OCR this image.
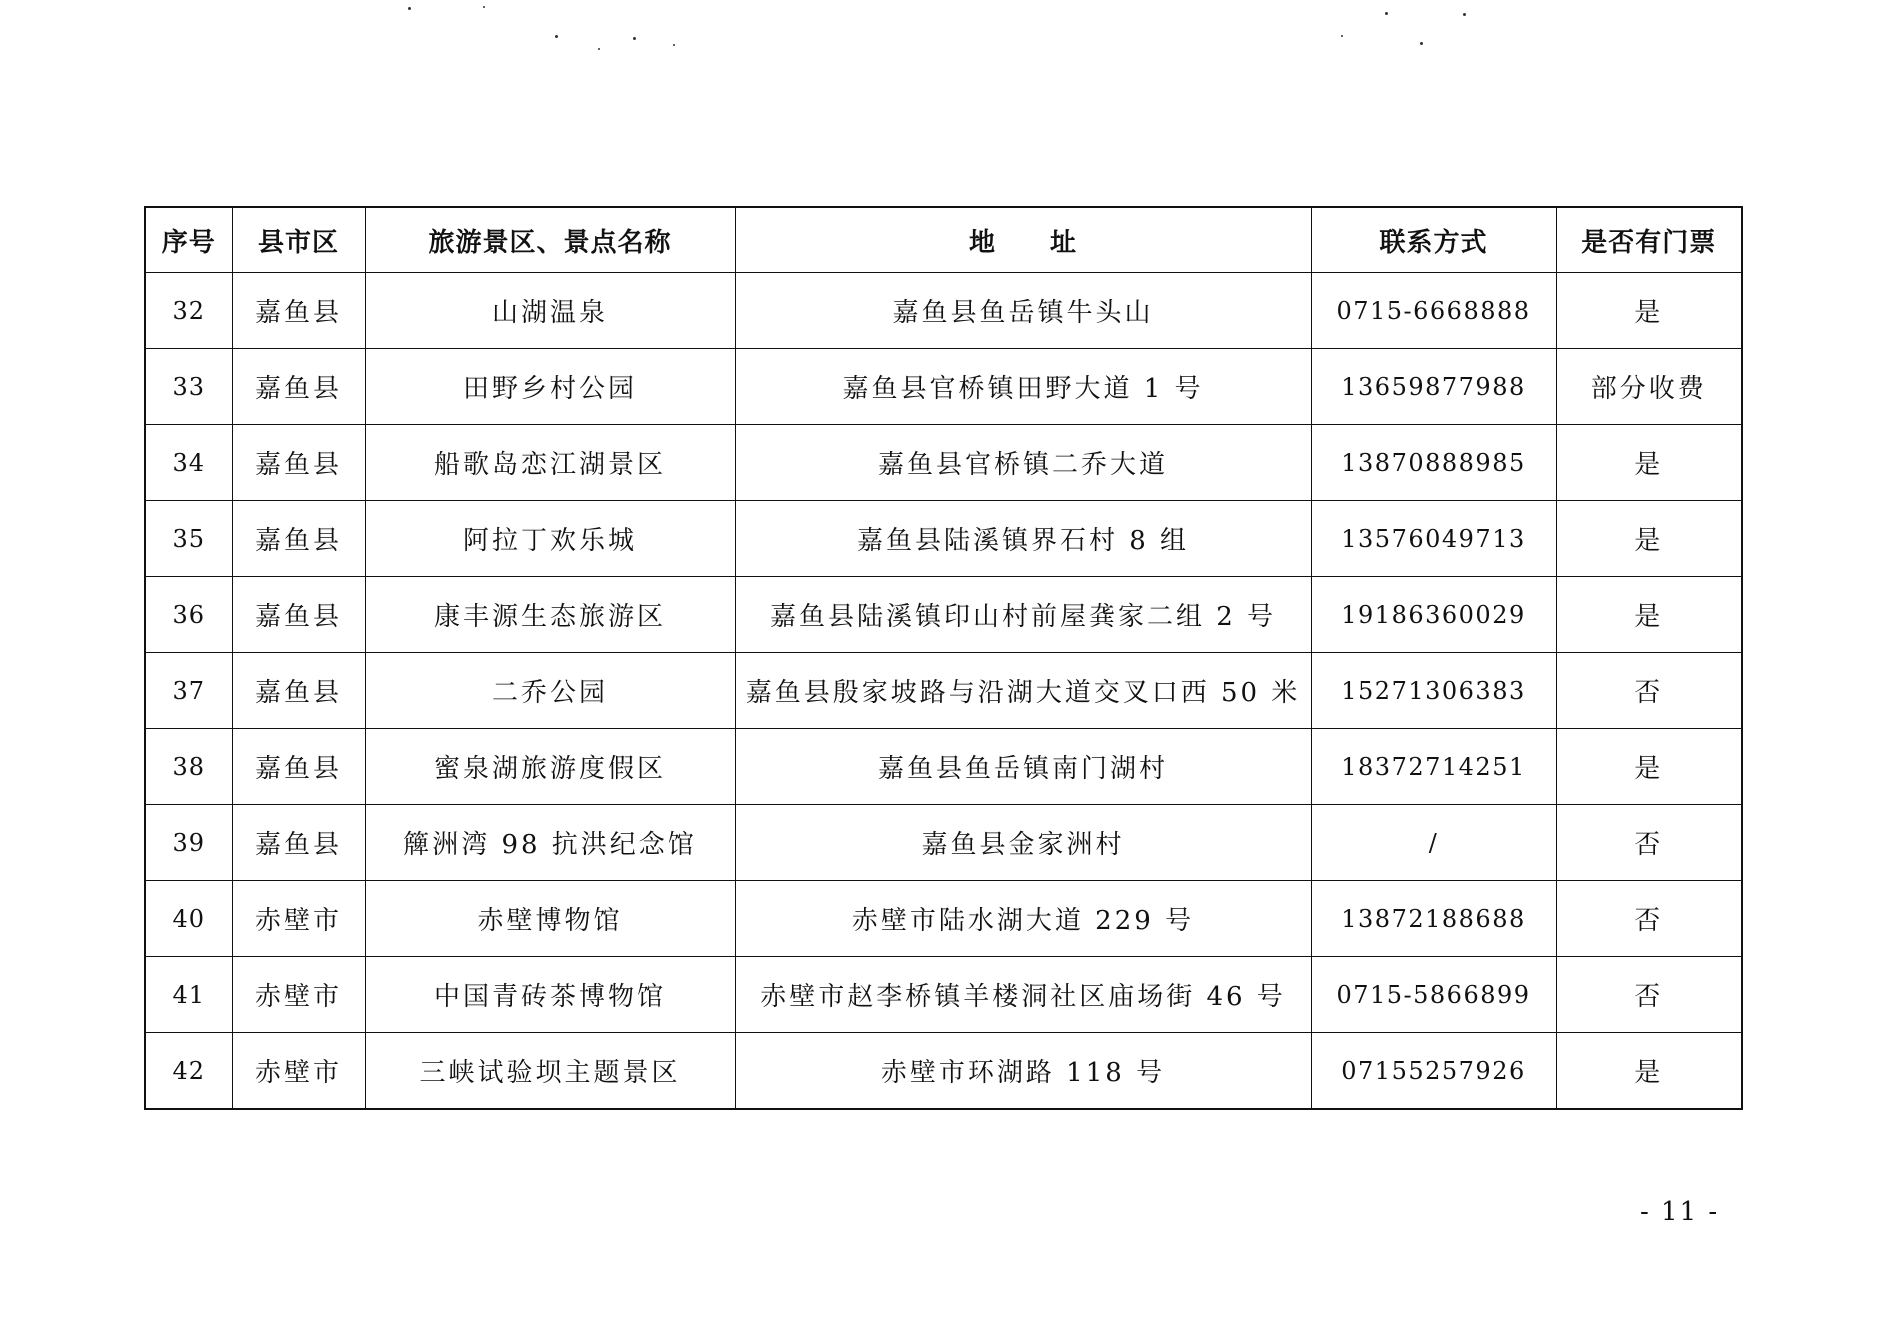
序号	县市区	旅游景区、景点名称	地　　址	联系方式	是否有门票
32	嘉鱼县	山湖温泉	嘉鱼县鱼岳镇牛头山	0715-6668888	是
33	嘉鱼县	田野乡村公园	嘉鱼县官桥镇田野大道 1 号	13659877988	部分收费
34	嘉鱼县	船歌岛恋江湖景区	嘉鱼县官桥镇二乔大道	13870888985	是
35	嘉鱼县	阿拉丁欢乐城	嘉鱼县陆溪镇界石村 8 组	13576049713	是
36	嘉鱼县	康丰源生态旅游区	嘉鱼县陆溪镇印山村前屋龚家二组 2 号	19186360029	是
37	嘉鱼县	二乔公园	嘉鱼县殷家坡路与沿湖大道交叉口西 50 米	15271306383	否
38	嘉鱼县	蜜泉湖旅游度假区	嘉鱼县鱼岳镇南门湖村	18372714251	是
39	嘉鱼县	簰洲湾 98 抗洪纪念馆	嘉鱼县金家洲村	/	否
40	赤壁市	赤壁博物馆	赤壁市陆水湖大道 229 号	13872188688	否
41	赤壁市	中国青砖茶博物馆	赤壁市赵李桥镇羊楼洞社区庙场街 46 号	0715-5866899	否
42	赤壁市	三峡试验坝主题景区	赤壁市环湖路 118 号	07155257926	是
- 11 -
